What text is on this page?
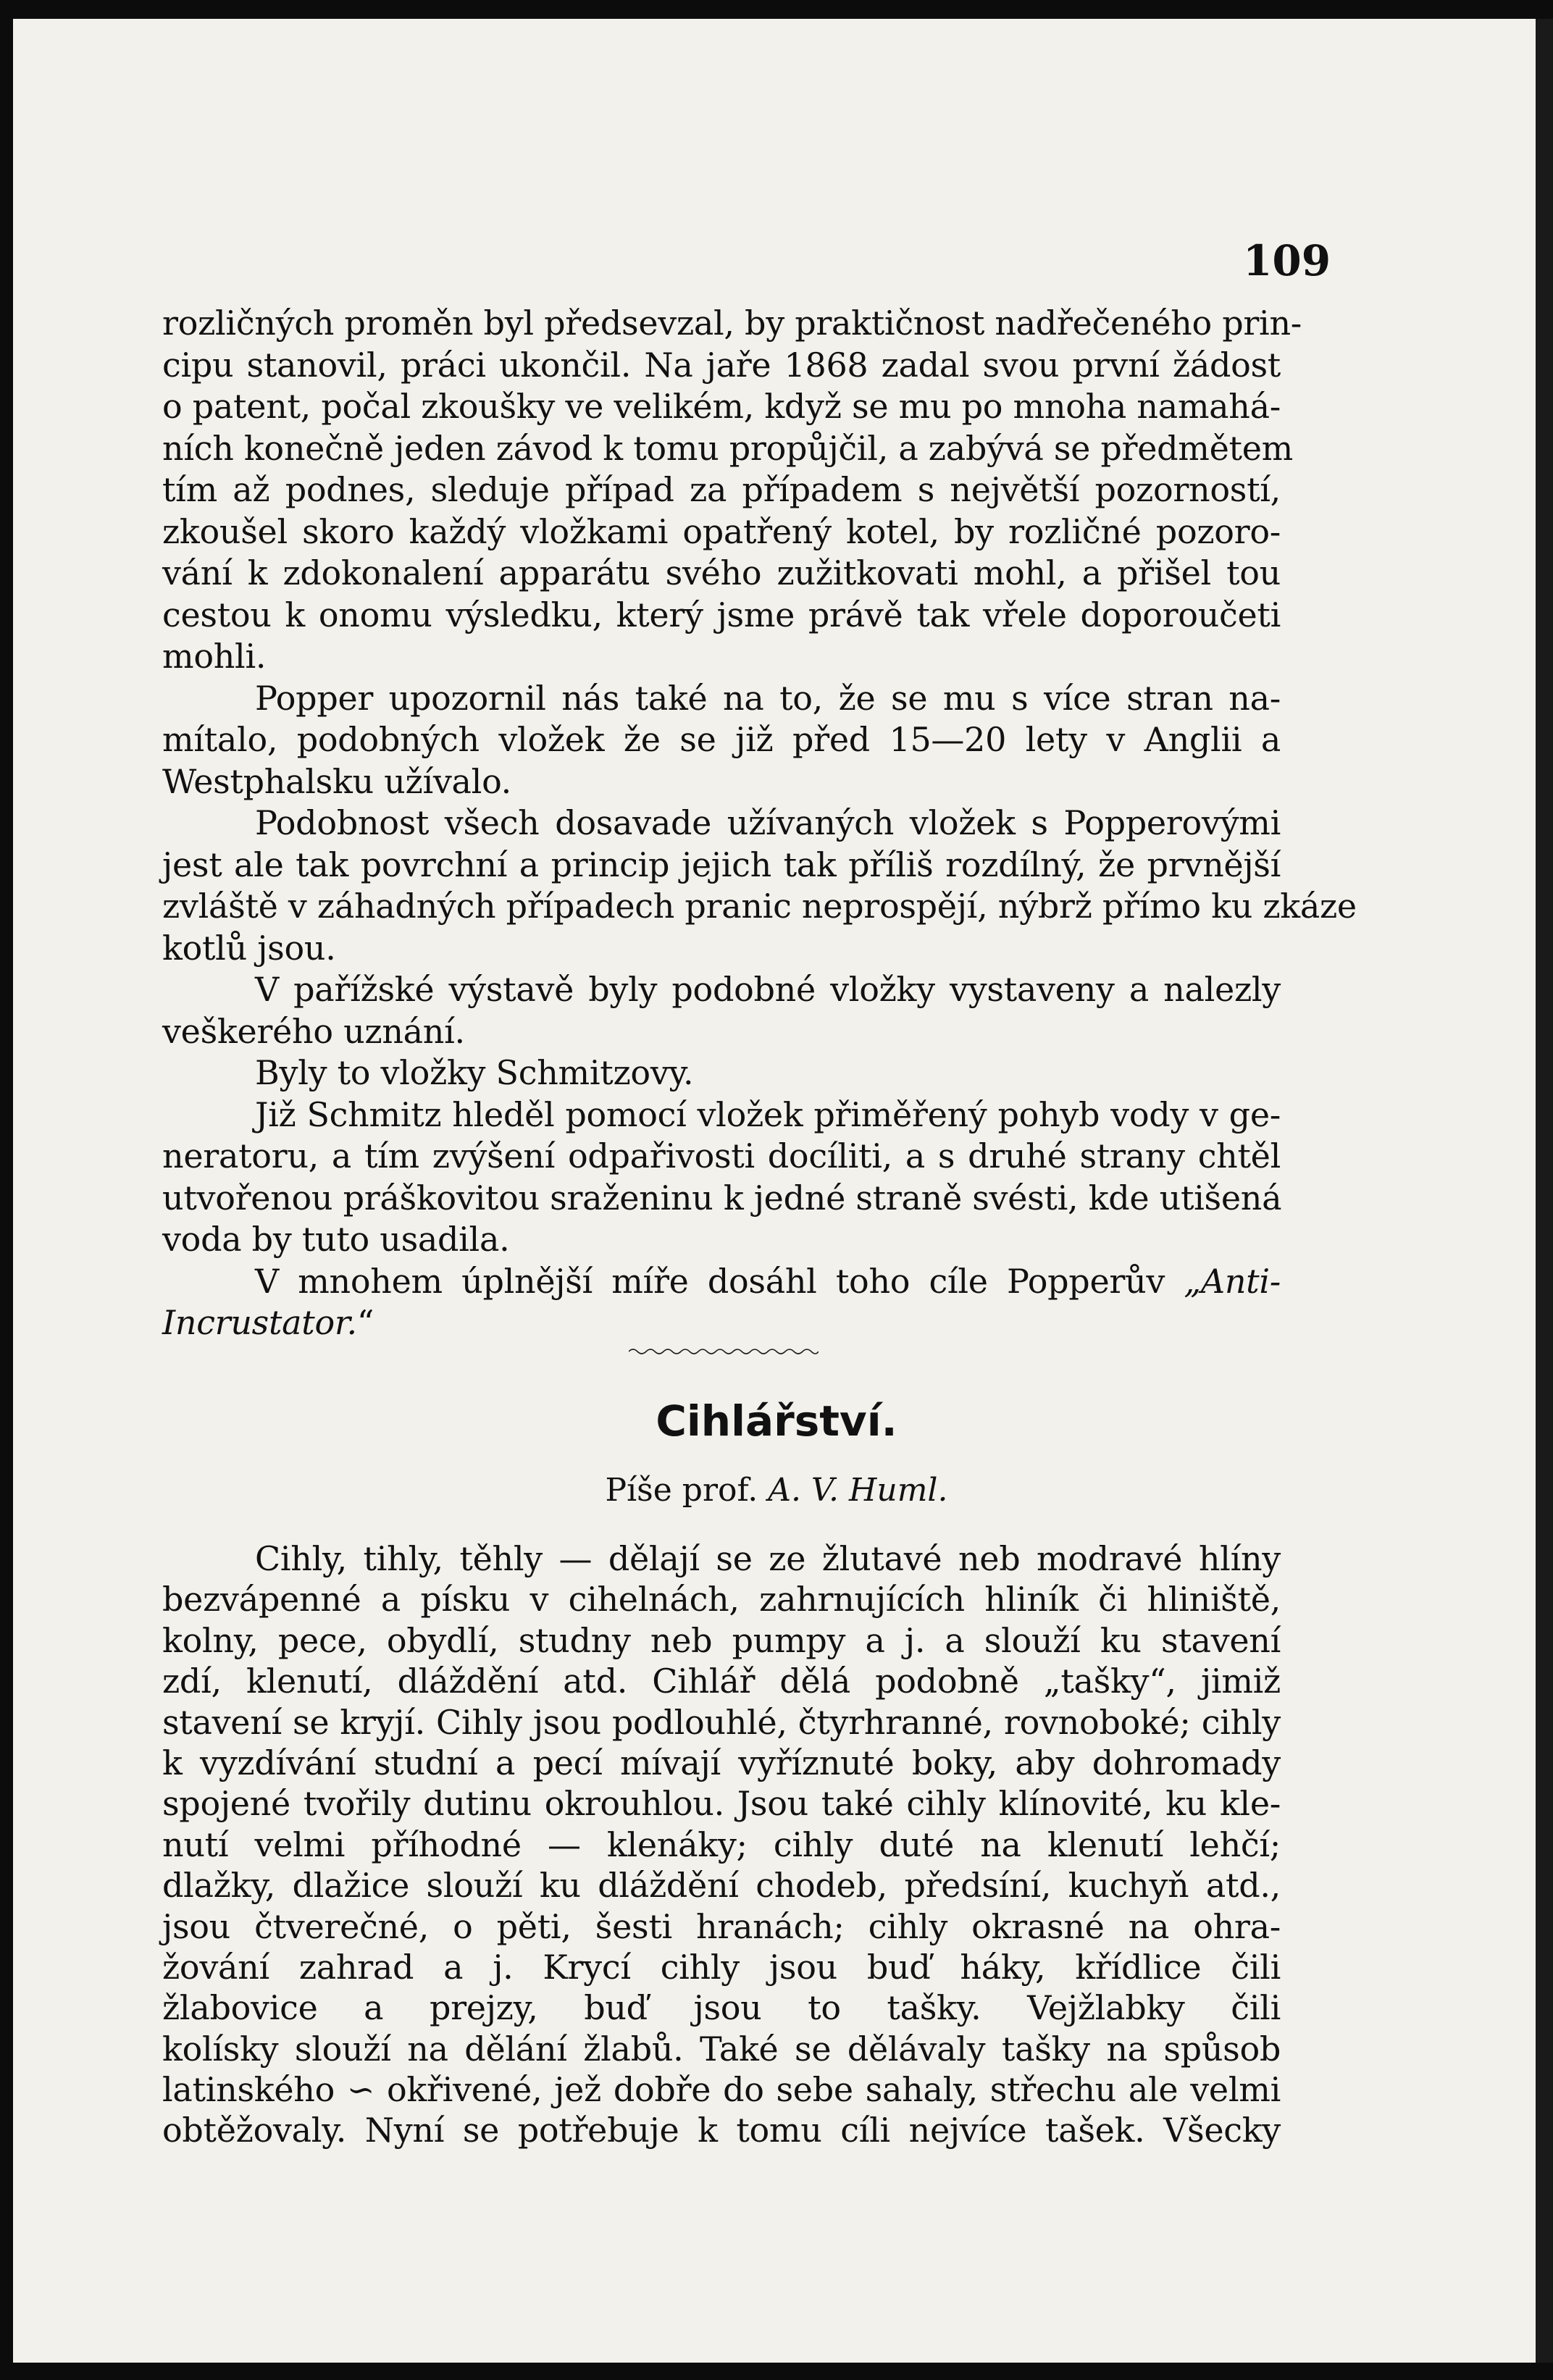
109
rozličných proměn byl předsevzal, by praktičnost nadřečeného prin-
cipu stanovil, práci ukončil. Na jaře 1868 zadal svou první žádost
o patent, počal zkoušky ve velikém, když se mu po mnoha namahá-
ních konečně jeden závod k tomu propůjčil, a zabývá se předmětem
tím až podnes, sleduje případ za případem s největší pozorností,
zkoušel skoro každý vložkami opatřený kotel, by rozličné pozoro-
vání k zdokonalení apparátu svého zužitkovati mohl, a přišel tou
cestou k onomu výsledku, který jsme právě tak vřele doporoučeti
mohli.
Popper upozornil nás také na to, že se mu s více stran na-
mítalo, podobných vložek že se již před 15—20 lety v Anglii a
Westphalsku užívalo.
Podobnost všech dosavade užívaných vložek s Popperovými
jest ale tak povrchní a princip jejich tak příliš rozdílný, že prvnější
zvláště v záhadných případech pranic neprospějí, nýbrž přímo ku zkáze
kotlů jsou.
V pařížské výstavě byly podobné vložky vystaveny a nalezly
veškerého uznání.
Byly to vložky Schmitzovy.
Již Schmitz hleděl pomocí vložek přiměřený pohyb vody v ge-
neratoru, a tím zvýšení odpařivosti docíliti, a s druhé strany chtěl
utvořenou práškovitou sraženinu k jedné straně svésti, kde utišená
voda by tuto usadila.
V mnohem úplnější míře dosáhl toho cíle Popperův „Anti-
Incrustator.“
Cihlářství.
Píše prof. A. V. Huml.
Cihly, tihly, těhly — dělají se ze žlutavé neb modravé hlíny
bezvápenné a písku v cihelnách, zahrnujících hliník či hliniště,
kolny, pece, obydlí, studny neb pumpy a j. a slouží ku stavení
zdí, klenutí, dláždění atd. Cihlář dělá podobně „tašky“, jimiž
stavení se kryjí. Cihly jsou podlouhlé, čtyrhranné, rovnoboké; cihly
k vyzdívání studní a pecí mívají vyříznuté boky, aby dohromady
spojené tvořily dutinu okrouhlou. Jsou také cihly klínovité, ku kle-
nutí velmi příhodné — klenáky; cihly duté na klenutí lehčí;
dlažky, dlažice slouží ku dláždění chodeb, předsíní, kuchyň atd.,
jsou čtverečné, o pěti, šesti hranách; cihly okrasné na ohra-
žování zahrad a j. Krycí cihly jsou buď háky, křídlice čili
žlabovice a prejzy, buď jsou to tašky. Vejžlabky čili
kolísky slouží na dělání žlabů. Také se dělávaly tašky na spůsob
latinského ∽ okřivené, jež dobře do sebe sahaly, střechu ale velmi
obtěžovaly. Nyní se potřebuje k tomu cíli nejvíce tašek. Všecky
